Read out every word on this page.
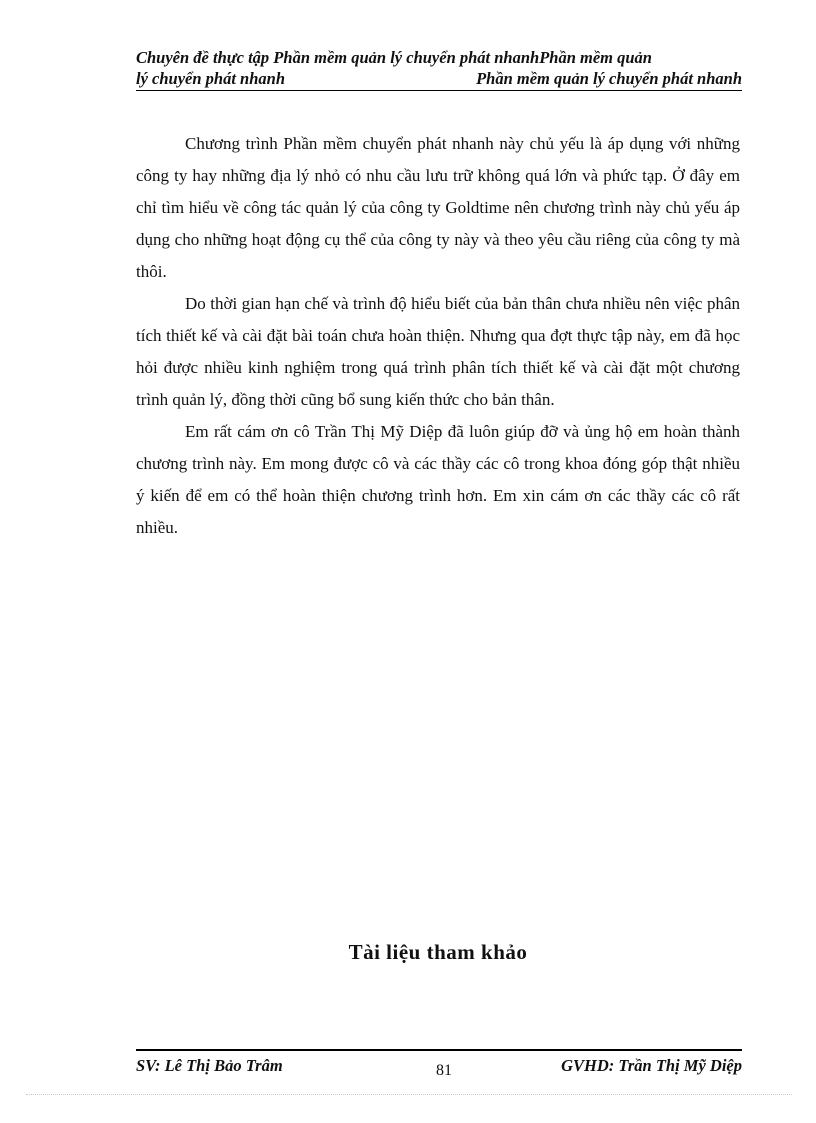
Chuyên đề thực tập Phần mềm quản lý chuyển phát nhanhPhần mềm quản
lý chuyển phát nhanh	Phần mềm quản lý chuyển phát nhanh

Chương trình Phần mềm chuyển phát nhanh này chủ yếu là áp dụng với những công ty hay những địa lý nhỏ có nhu cầu lưu trữ không quá lớn và phức tạp. Ở đây em chỉ tìm hiểu về công tác quản lý của công ty Goldtime nên chương trình này chủ yếu áp dụng cho những hoạt động cụ thể của công ty này và theo yêu cầu riêng của công ty mà thôi.

Do thời gian hạn chế và trình độ hiểu biết của bản thân chưa nhiều nên việc phân tích thiết kế và cài đặt bài toán chưa hoàn thiện. Nhưng qua đợt thực tập này, em đã học hỏi được nhiều kinh nghiệm trong quá trình phân tích thiết kế và cài đặt một chương trình quản lý, đồng thời cũng bổ sung kiến thức cho bản thân.

Em rất cám ơn cô Trần Thị Mỹ Diệp đã luôn giúp đỡ và ủng hộ em hoàn thành chương trình này. Em mong được cô và các thầy các cô trong khoa đóng góp thật nhiều ý kiến để em có thể hoàn thiện chương trình hơn. Em xin cám ơn các thầy các cô rất nhiều.

Tài liệu tham khảo
SV: Lê Thị Bảo Trâm	81	GVHD: Trần Thị Mỹ Diệp
